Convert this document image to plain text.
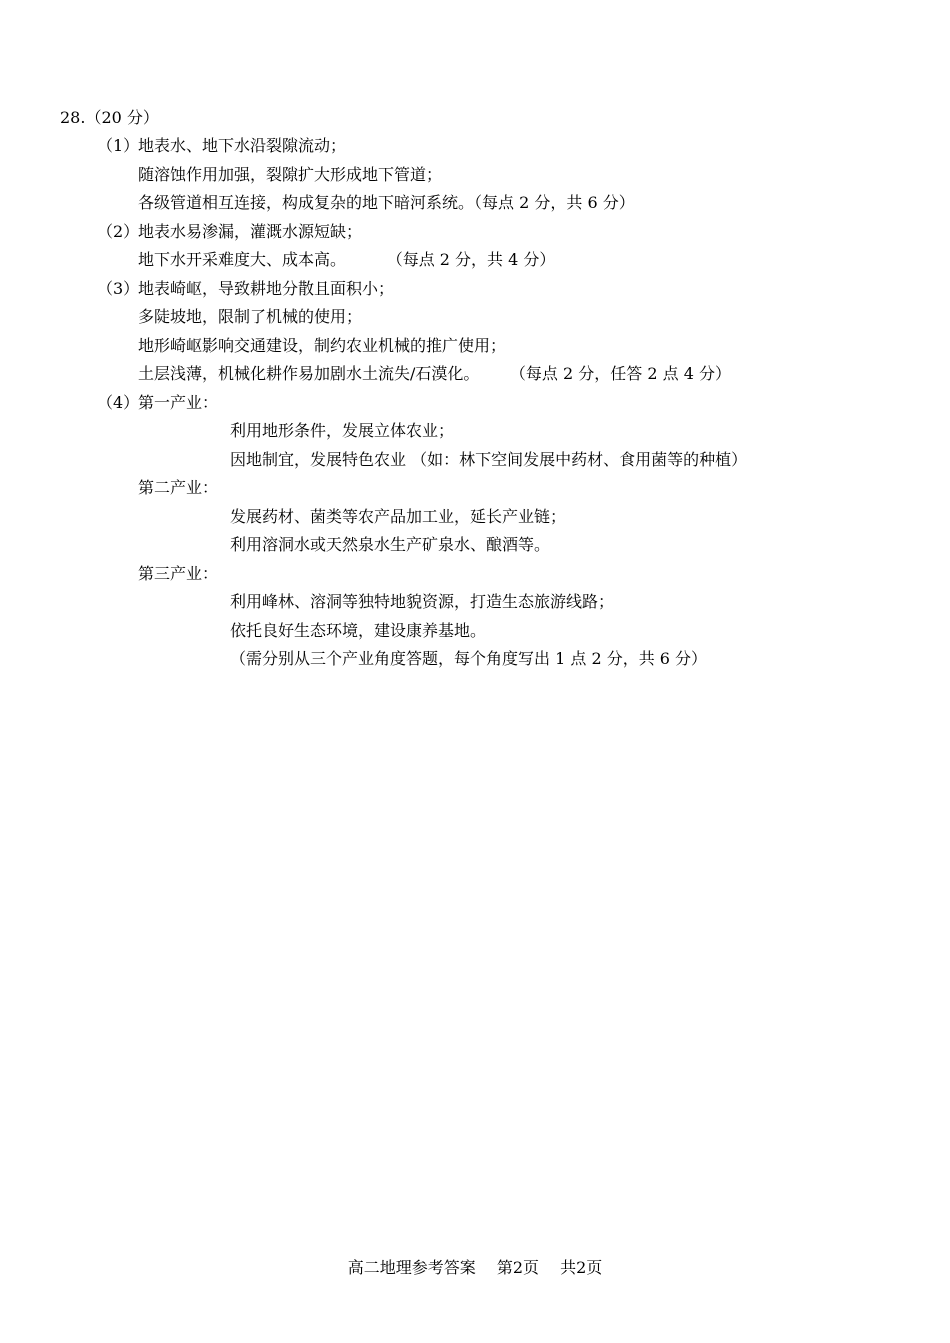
28.（20 分）
（1）
地表水、地下水沿裂隙流动；
随溶蚀作用加强，裂隙扩大形成地下管道；
各级管道相互连接，构成复杂的地下暗河系统。（每点 2 分，共 6 分）
（2）
地表水易渗漏，灌溉水源短缺；
地下水开采难度大、成本高。        （每点 2 分，共 4 分）
（3）
地表崎岖，导致耕地分散且面积小；
多陡坡地，限制了机械的使用；
地形崎岖影响交通建设，制约农业机械的推广使用；
土层浅薄，机械化耕作易加剧水土流失/石漠化。      （每点 2 分，任答 2 点 4 分）
（4）
第一产业：
利用地形条件，发展立体农业；
因地制宜，发展特色农业 （如：林下空间发展中药材、食用菌等的种植）
第二产业：
发展药材、菌类等农产品加工业，延长产业链；
利用溶洞水或天然泉水生产矿泉水、酿酒等。
第三产业：
利用峰林、溶洞等独特地貌资源，打造生态旅游线路；
依托良好生态环境，建设康养基地。
（需分别从三个产业角度答题，每个角度写出 1 点 2 分，共 6 分）
高二地理参考答案 第2页 共2页
